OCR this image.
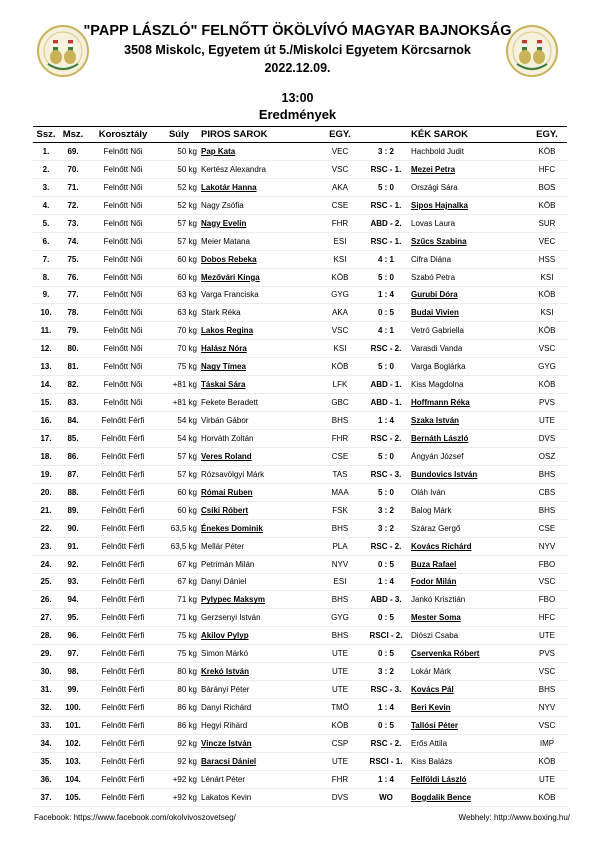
"PAPP LÁSZLÓ" FELNŐTT ÖKÖLVÍVÓ MAGYAR BAJNOKSÁG
3508 Miskolc, Egyetem út 5./Miskolci Egyetem Körcsarnok
2022.12.09.
13:00
Eredmények
Ssz.	Msz.	Korosztály	Súly	PIROS SAROK	EGY.		KÉK SAROK	EGY.
1.	69.	Felnőtt Női	50 kg	Pap Kata	VEC	3 : 2	Hachbold Judit	KÖB
2.	70.	Felnőtt Női	50 kg	Kertész Alexandra	VSC	RSC - 1.	Mezei Petra	HFC
3.	71.	Felnőtt Női	52 kg	Lakotár Hanna	AKA	5 : 0	Országi Sára	BOS
4.	72.	Felnőtt Női	52 kg	Nagy Zsófia	CSE	RSC - 1.	Sipos Hajnalka	KÖB
5.	73.	Felnőtt Női	57 kg	Nagy Evelin	FHR	ABD - 2.	Lovas Laura	SUR
6.	74.	Felnőtt Női	57 kg	Meier Matana	ESI	RSC - 1.	Szűcs Szabina	VEC
7.	75.	Felnőtt Női	60 kg	Dobos Rebeka	KSI	4 : 1	Cifra Diána	HSS
8.	76.	Felnőtt Női	60 kg	Mezővári Kinga	KÖB	5 : 0	Szabó Petra	KSI
9.	77.	Felnőtt Női	63 kg	Varga Franciska	GYG	1 : 4	Gurubi Dóra	KÖB
10.	78.	Felnőtt Női	63 kg	Stark Réka	AKA	0 : 5	Budai Vivien	KSI
11.	79.	Felnőtt Női	70 kg	Lakos Regina	VSC	4 : 1	Vetró Gabriella	KÖB
12.	80.	Felnőtt Női	70 kg	Halász Nóra	KSI	RSC - 2.	Varasdi Vanda	VSC
13.	81.	Felnőtt Női	75 kg	Nagy Tímea	KÖB	5 : 0	Varga Boglárka	GYG
14.	82.	Felnőtt Női	+81 kg	Táskai Sára	LFK	ABD - 1.	Kiss Magdolna	KÖB
15.	83.	Felnőtt Női	+81 kg	Fekete Beradett	GBC	ABD - 1.	Hoffmann Réka	PVS
16.	84.	Felnőtt Férfi	54 kg	Virbán Gábor	BHS	1 : 4	Szaka István	UTE
17.	85.	Felnőtt Férfi	54 kg	Horváth Zoltán	FHR	RSC - 2.	Bernáth László	DVS
18.	86.	Felnőtt Férfi	57 kg	Veres Roland	CSE	5 : 0	Ángyán József	OSZ
19.	87.	Felnőtt Férfi	57 kg	Rózsavölgyi Márk	TAS	RSC - 3.	Bundovics István	BHS
20.	88.	Felnőtt Férfi	60 kg	Római Ruben	MAA	5 : 0	Oláh Iván	CBS
21.	89.	Felnőtt Férfi	60 kg	Csiki Róbert	FSK	3 : 2	Balog Márk	BHS
22.	90.	Felnőtt Férfi	63,5 kg	Énekes Dominik	BHS	3 : 2	Száraz Gergő	CSE
23.	91.	Felnőtt Férfi	63,5 kg	Mellár Péter	PLA	RSC - 2.	Kovács Richárd	NYV
24.	92.	Felnőtt Férfi	67 kg	Petrimán Milán	NYV	0 : 5	Buza Rafael	FBO
25.	93.	Felnőtt Férfi	67 kg	Danyi Dániel	ESI	1 : 4	Fodor Milán	VSC
26.	94.	Felnőtt Férfi	71 kg	Pylypec Maksym	BHS	ABD - 3.	Jankó Krisztián	FBO
27.	95.	Felnőtt Férfi	71 kg	Gerzsenyi István	GYG	0 : 5	Mester Soma	HFC
28.	96.	Felnőtt Férfi	75 kg	Akilov Pylyp	BHS	RSCI - 2.	Diószi Csaba	UTE
29.	97.	Felnőtt Férfi	75 kg	Simon Márkó	UTE	0 : 5	Cservenka Róbert	PVS
30.	98.	Felnőtt Férfi	80 kg	Krekó István	UTE	3 : 2	Lokár Márk	VSC
31.	99.	Felnőtt Férfi	80 kg	Bárányi Péter	UTE	RSC - 3.	Kovács Pál	BHS
32.	100.	Felnőtt Férfi	86 kg	Danyi Richárd	TMÖ	1 : 4	Beri Kevin	NYV
33.	101.	Felnőtt Férfi	86 kg	Hegyi Rihárd	KÖB	0 : 5	Tallósi Péter	VSC
34.	102.	Felnőtt Férfi	92 kg	Vincze István	CSP	RSC - 2.	Erős Attila	IMP
35.	103.	Felnőtt Férfi	92 kg	Baracsi Dániel	UTE	RSCI - 1.	Kiss Balázs	KÖB
36.	104.	Felnőtt Férfi	+92 kg	Lénárt Péter	FHR	1 : 4	Felföldi László	UTE
37.	105.	Felnőtt Férfi	+92 kg	Lakatos Kevin	DVS	WO	Bogdalik Bence	KÖB
Facebook: https://www.facebook.com/okolvivoszovetseg/	Webhely: http://www.boxing.hu/
